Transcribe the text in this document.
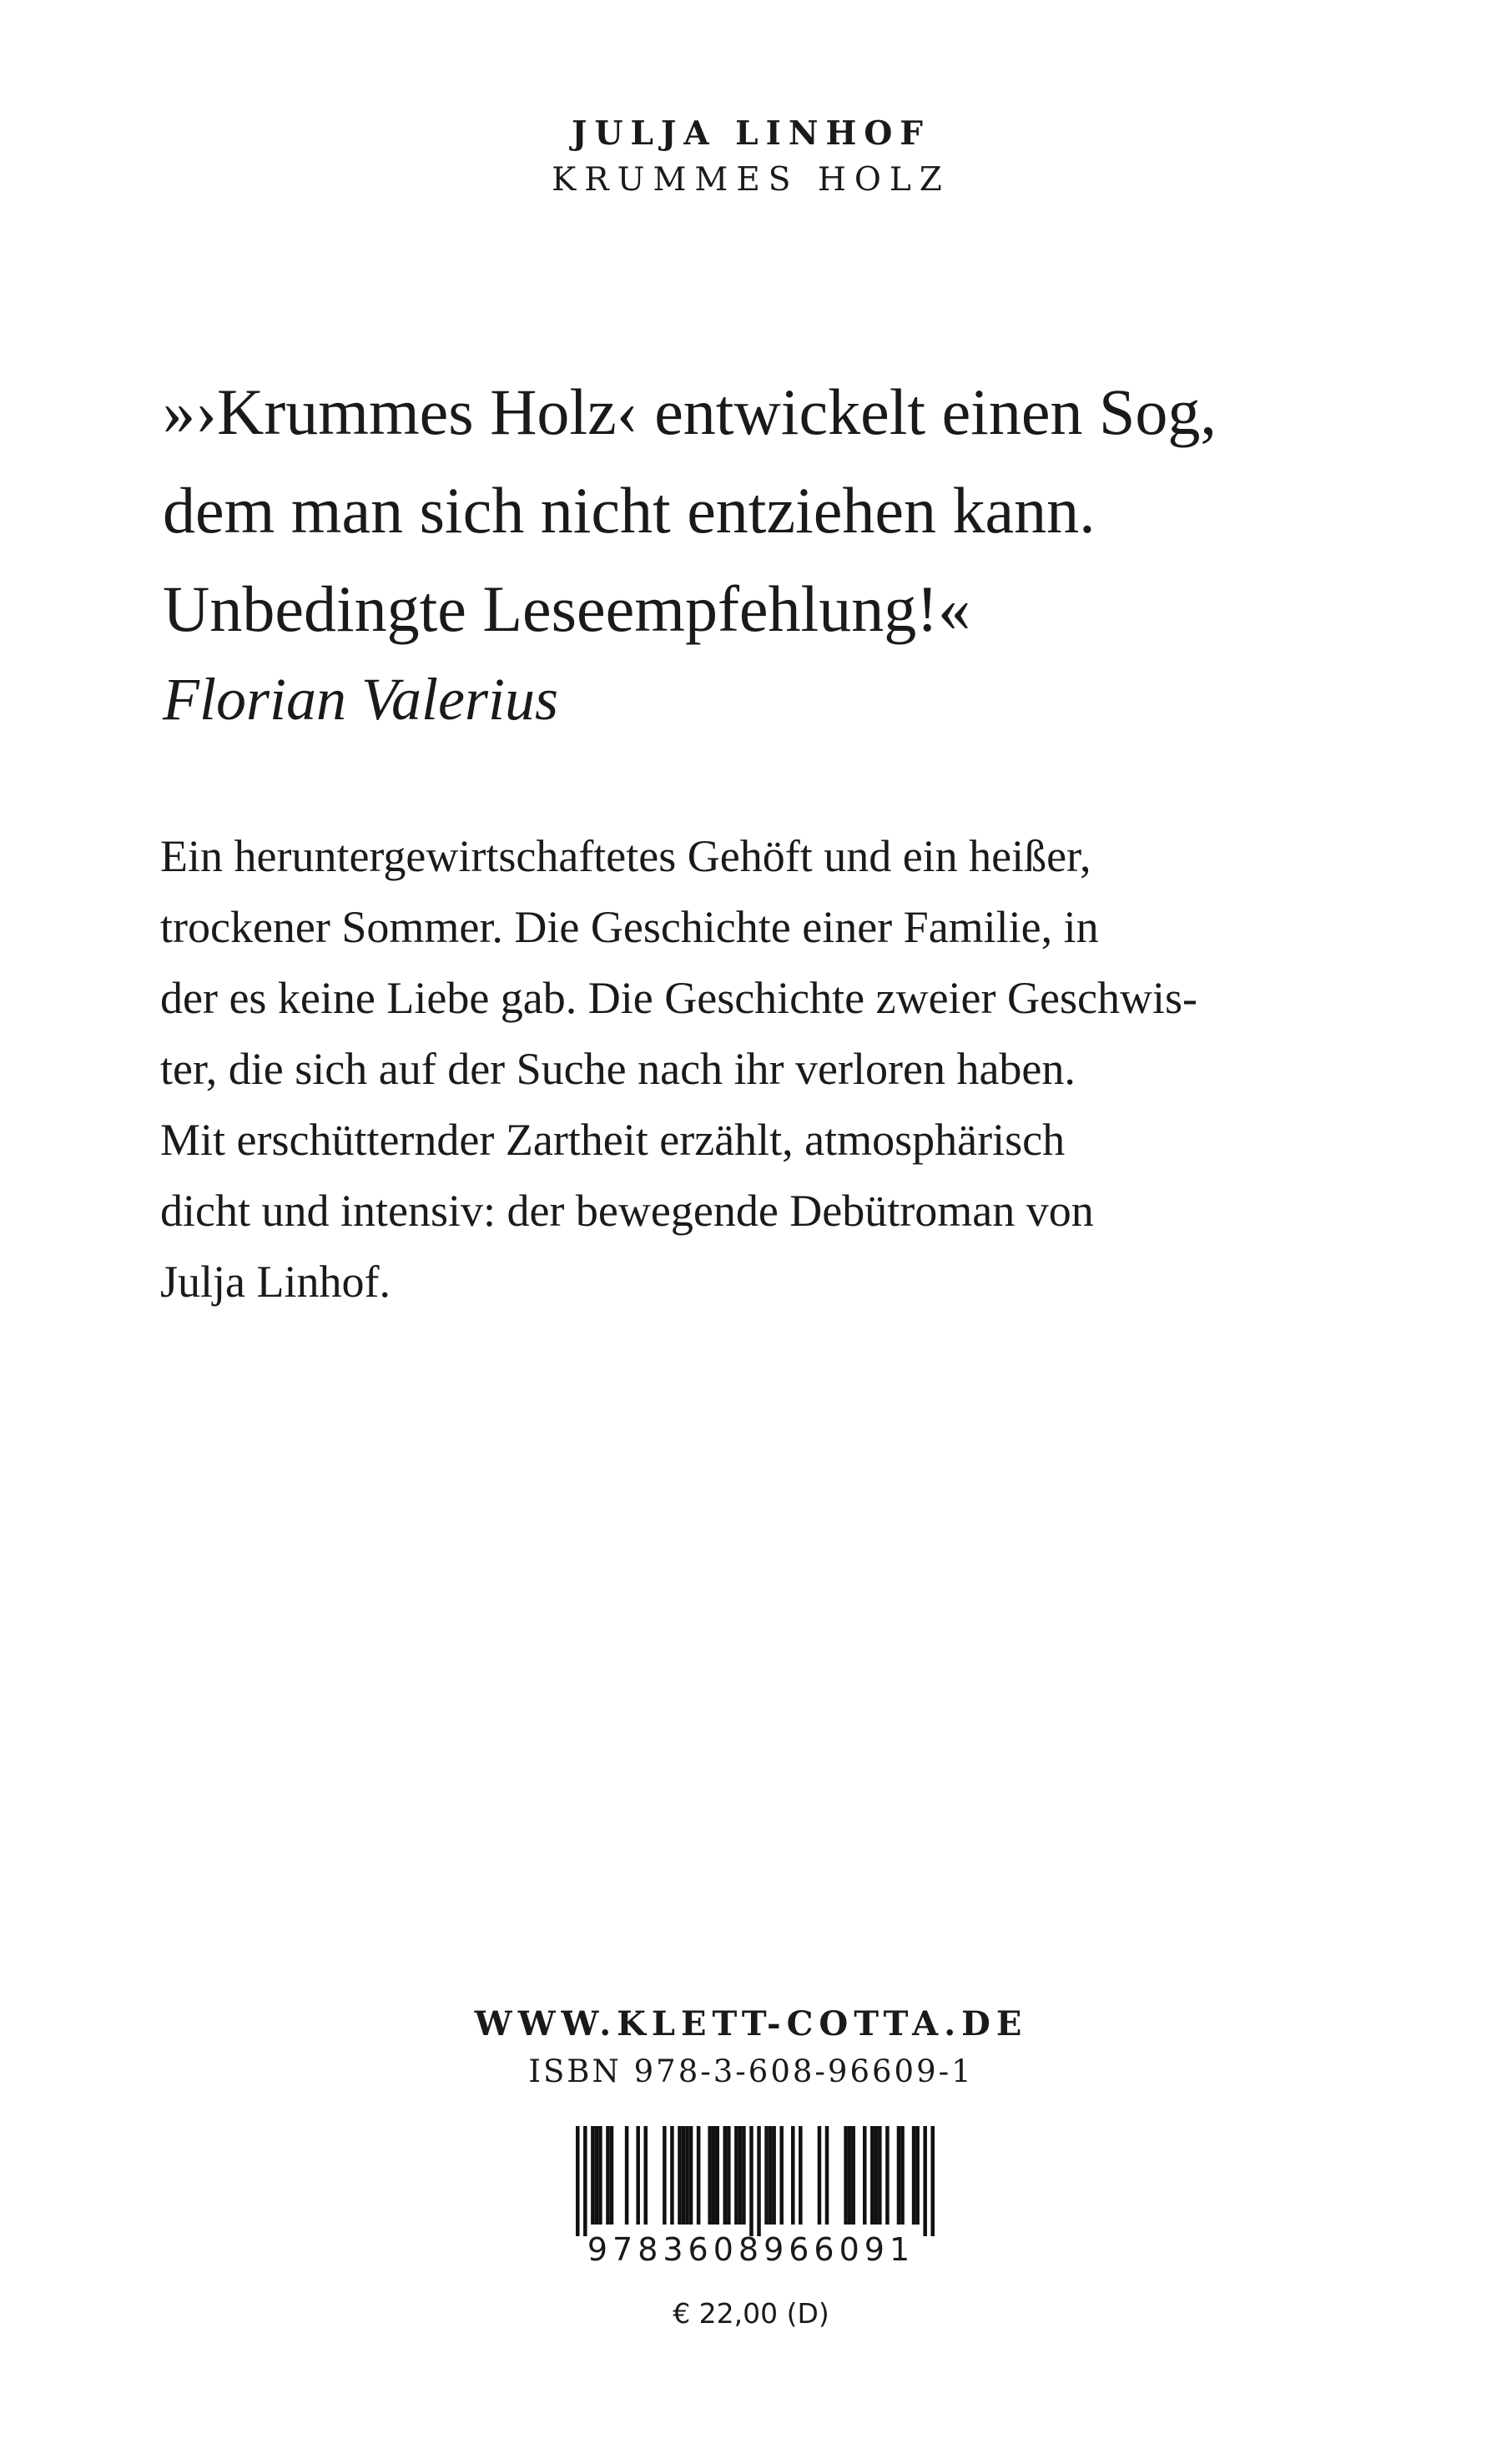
JULJA LINHOF
KRUMMES HOLZ
»›Krummes Holz‹ entwickelt einen Sog,
dem man sich nicht entziehen kann.
Unbedingte Leseempfehlung!«
Florian Valerius
Ein heruntergewirtschaftetes Gehöft und ein heißer,
trockener Sommer. Die Geschichte einer Familie, in
der es keine Liebe gab. Die Geschichte zweier Geschwis-
ter, die sich auf der Suche nach ihr verloren haben.
Mit erschütternder Zartheit erzählt, atmosphärisch
dicht und intensiv: der bewegende Debütroman von
Julja Linhof.
WWW.KLETT-COTTA.DE
ISBN 978-3-608-96609-1
9783608966091
€ 22,00 (D)
